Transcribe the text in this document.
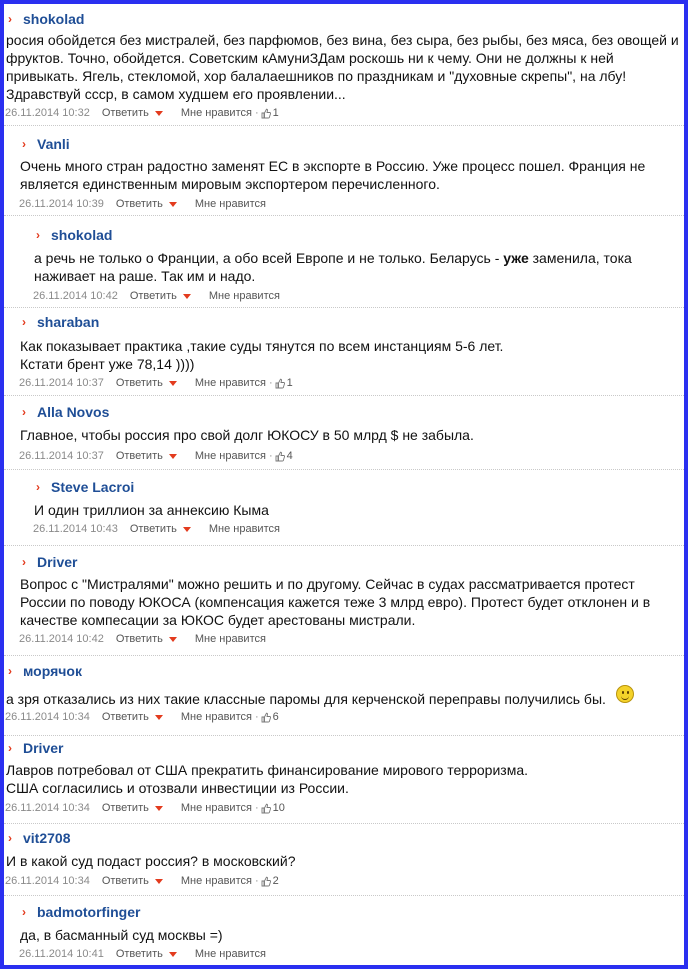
› shokolad
росия обойдется без мистралей, без парфюмов, без вина, без сыра, без рыбы, без мяса, без овощей и
фруктов. Точно, обойдется. Советским кАмуниЗДам роскошь ни к чему. Они не должны к ней
привыкать. Ягель, стекломой, хор балалаешников по праздникам и "духовные скрепы", на лбу!
Здравствуй ссср, в самом худшем его проявлении...
26.11.2014 10:32 Ответить	Мне нравится · 1
› Vanli
Очень много стран радостно заменят ЕС в экспорте в Россию. Уже процесс пошел. Франция не
является единственным мировым экспортером перечисленного.
26.11.2014 10:39 Ответить	Мне нравится
› shokolad
а речь не только о Франции, а обо всей Европе и не только. Беларусь - уже заменила, тока
наживает на раше. Так им и надо.
26.11.2014 10:42 Ответить	Мне нравится
› sharaban
Как показывает практика ,такие суды тянутся по всем инстанциям 5-6 лет.
Кстати брент уже 78,14 ))))
26.11.2014 10:37 Ответить	Мне нравится · 1
› Alla Novos
Главное, чтобы россия про свой долг ЮКОСУ в 50 млрд $ не забыла.
26.11.2014 10:37 Ответить	Мне нравится · 4
› Steve Lacroi
И один триллион за аннексию Кыма
26.11.2014 10:43 Ответить	Мне нравится
› Driver
Вопрос с "Мистралями" можно решить и по другому. Сейчас в судах рассматривается протест
России по поводу ЮКОСА (компенсация кажется теже 3 млрд евро). Протест будет отклонен и в
качестве компесации за ЮКОС будет арестованы мистрали.
26.11.2014 10:42 Ответить	Мне нравится
› морячок
а зря отказались из них такие классныe паромы для керченской переправы получились бы.
26.11.2014 10:34 Ответить	Мне нравится · 6
› Driver
Лавров потребовал от США прекратить финансирование мирового терроризма.
США согласились и отозвали инвестиции из России.
26.11.2014 10:34 Ответить	Мне нравится · 10
› vit2708
И в какой суд подаст россия? в московский?
26.11.2014 10:34 Ответить	Мне нравится · 2
› badmotorfinger
да, в басманный суд москвы =)
26.11.2014 10:41 Ответить	Мне нравится
